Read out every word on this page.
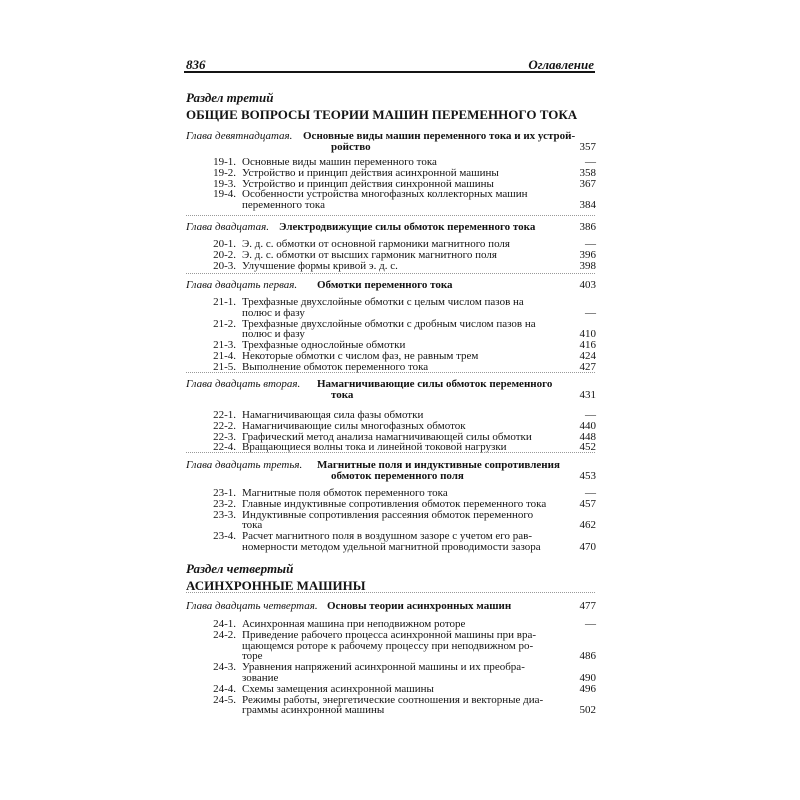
836	Оглавление
Раздел третий
ОБЩИЕ ВОПРОСЫ ТЕОРИИ МАШИН ПЕРЕМЕННОГО ТОКА
Глава девятнадцатая. Основные виды машин переменного тока и их устрой-
ройство	357
19-1. Основные виды машин переменного тока	—
19-2. Устройство и принцип действия асинхронной машины	358
19-3. Устройство и принцип действия синхронной машины	367
19-4. Особенности устройства многофазных коллекторных машин
переменного тока	384
Глава двадцатая. Электродвижущие силы обмоток переменного тока	386
20-1. Э. д. с. обмотки от основной гармоники магнитного поля	—
20-2. Э. д. с. обмотки от высших гармоник магнитного поля	396
20-3. Улучшение формы кривой э. д. с.	398
Глава двадцать первая. Обмотки переменного тока	403
21-1. Трехфазные двухслойные обмотки с целым числом пазов на
полюс и фазу	—
21-2. Трехфазные двухслойные обмотки с дробным числом пазов на
полюс и фазу	410
21-3. Трехфазные однослойные обмотки	416
21-4. Некоторые обмотки с числом фаз, не равным трем	424
21-5. Выполнение обмоток переменного тока	427
Глава двадцать вторая. Намагничивающие силы обмоток переменного
тока	431
22-1. Намагничивающая сила фазы обмотки	—
22-2. Намагничивающие силы многофазных обмоток	440
22-3. Графический метод анализа намагничивающей силы обмотки	448
22-4. Вращающиеся волны тока и линейной токовой нагрузки	452
Глава двадцать третья. Магнитные поля и индуктивные сопротивления
обмоток переменного поля	453
23-1. Магнитные поля обмоток переменного тока	—
23-2. Главные индуктивные сопротивления обмоток переменного тока	457
23-3. Индуктивные сопротивления рассеяния обмоток переменного
тока	462
23-4. Расчет магнитного поля в воздушном зазоре с учетом его рав-
номерности методом удельной магнитной проводимости зазора	470
Глава двадцать четвертая. Основы теории асинхронных машин	477
24-1. Асинхронная машина при неподвижном роторе	—
24-2. Приведение рабочего процесса асинхронной машины при вра-
щающемся роторе к рабочему процессу при неподвижном ро-
торе	486
24-3. Уравнения напряжений асинхронной машины и их преобра-
зование	490
24-4. Схемы замещения асинхронной машины	496
24-5. Режимы работы, энергетические соотношения и векторные диа-
граммы асинхронной машины	502
Раздел четвертый
АСИНХРОННЫЕ МАШИНЫ
